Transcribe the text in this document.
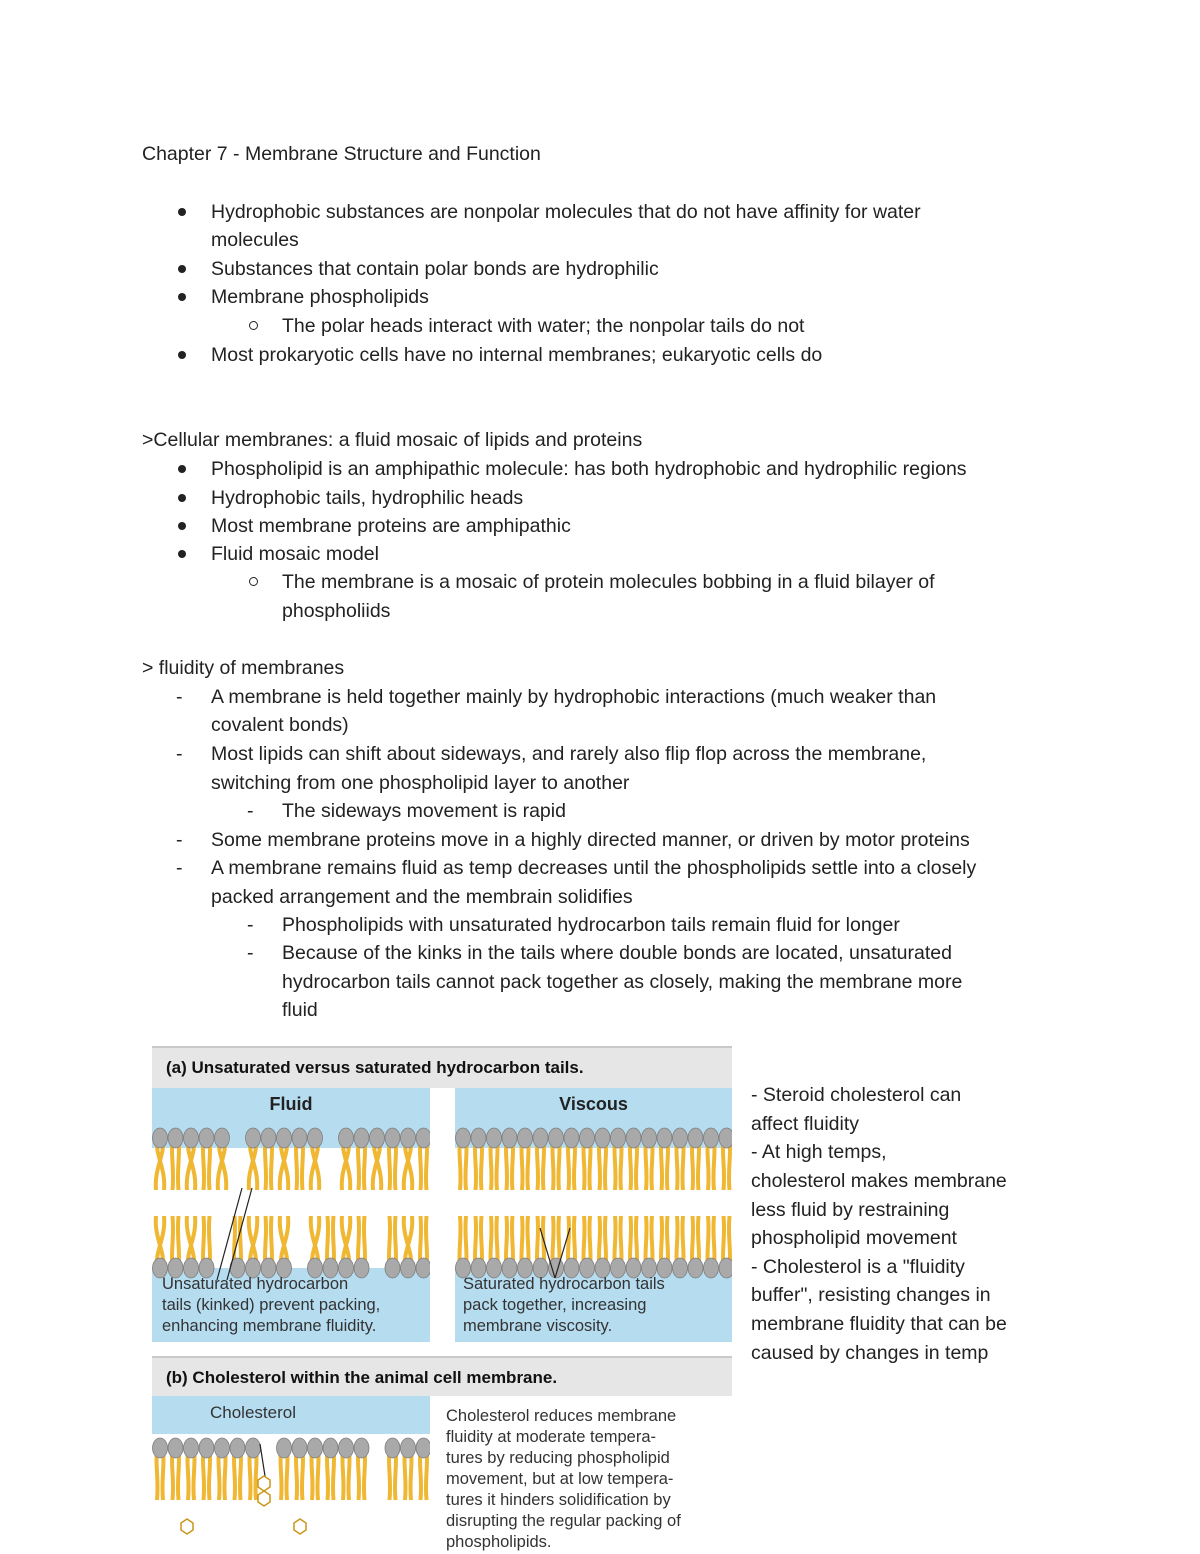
Chapter 7 - Membrane Structure and Function
Hydrophobic substances are nonpolar molecules that do not have affinity for water
molecules
Substances that contain polar bonds are hydrophilic
Membrane phospholipids
The polar heads interact with water; the nonpolar tails do not
Most prokaryotic cells have no internal membranes; eukaryotic cells do
>Cellular membranes: a fluid mosaic of lipids and proteins
Phospholipid is an amphipathic molecule: has both hydrophobic and hydrophilic regions
Hydrophobic tails, hydrophilic heads
Most membrane proteins are amphipathic
Fluid mosaic model
The membrane is a mosaic of protein molecules bobbing in a fluid bilayer of
phospholiids
> fluidity of membranes
- A membrane is held together mainly by hydrophobic interactions (much weaker than
covalent bonds)
- Most lipids can shift about sideways, and rarely also flip flop across the membrane,
switching from one phospholipid layer to another
- The sideways movement is rapid
- Some membrane proteins move in a highly directed manner, or driven by motor proteins
- A membrane remains fluid as temp decreases until the phospholipids settle into a closely
packed arrangement and the membrain solidifies
- Phospholipids with unsaturated hydrocarbon tails remain fluid for longer
- Because of the kinks in the tails where double bonds are located, unsaturated
hydrocarbon tails cannot pack together as closely, making the membrane more
fluid
(a) Unsaturated versus saturated hydrocarbon tails.
Fluid
Unsaturated hydrocarbon
tails (kinked) prevent packing,
enhancing membrane fluidity.
Viscous
Saturated hydrocarbon tails
pack together, increasing
membrane viscosity.
(b) Cholesterol within the animal cell membrane.
Cholesterol	Cholesterol reduces membrane
fluidity at moderate tempera-
tures by reducing phospholipid
movement, but at low tempera-
tures it hinders solidification by
disrupting the regular packing of
phospholipids.
- Steroid cholesterol can
affect fluidity
- At high temps,
cholesterol makes membrane
less fluid by restraining
phospholipid movement
- Cholesterol is a "fluidity
buffer", resisting changes in
membrane fluidity that can be
caused by changes in temp
